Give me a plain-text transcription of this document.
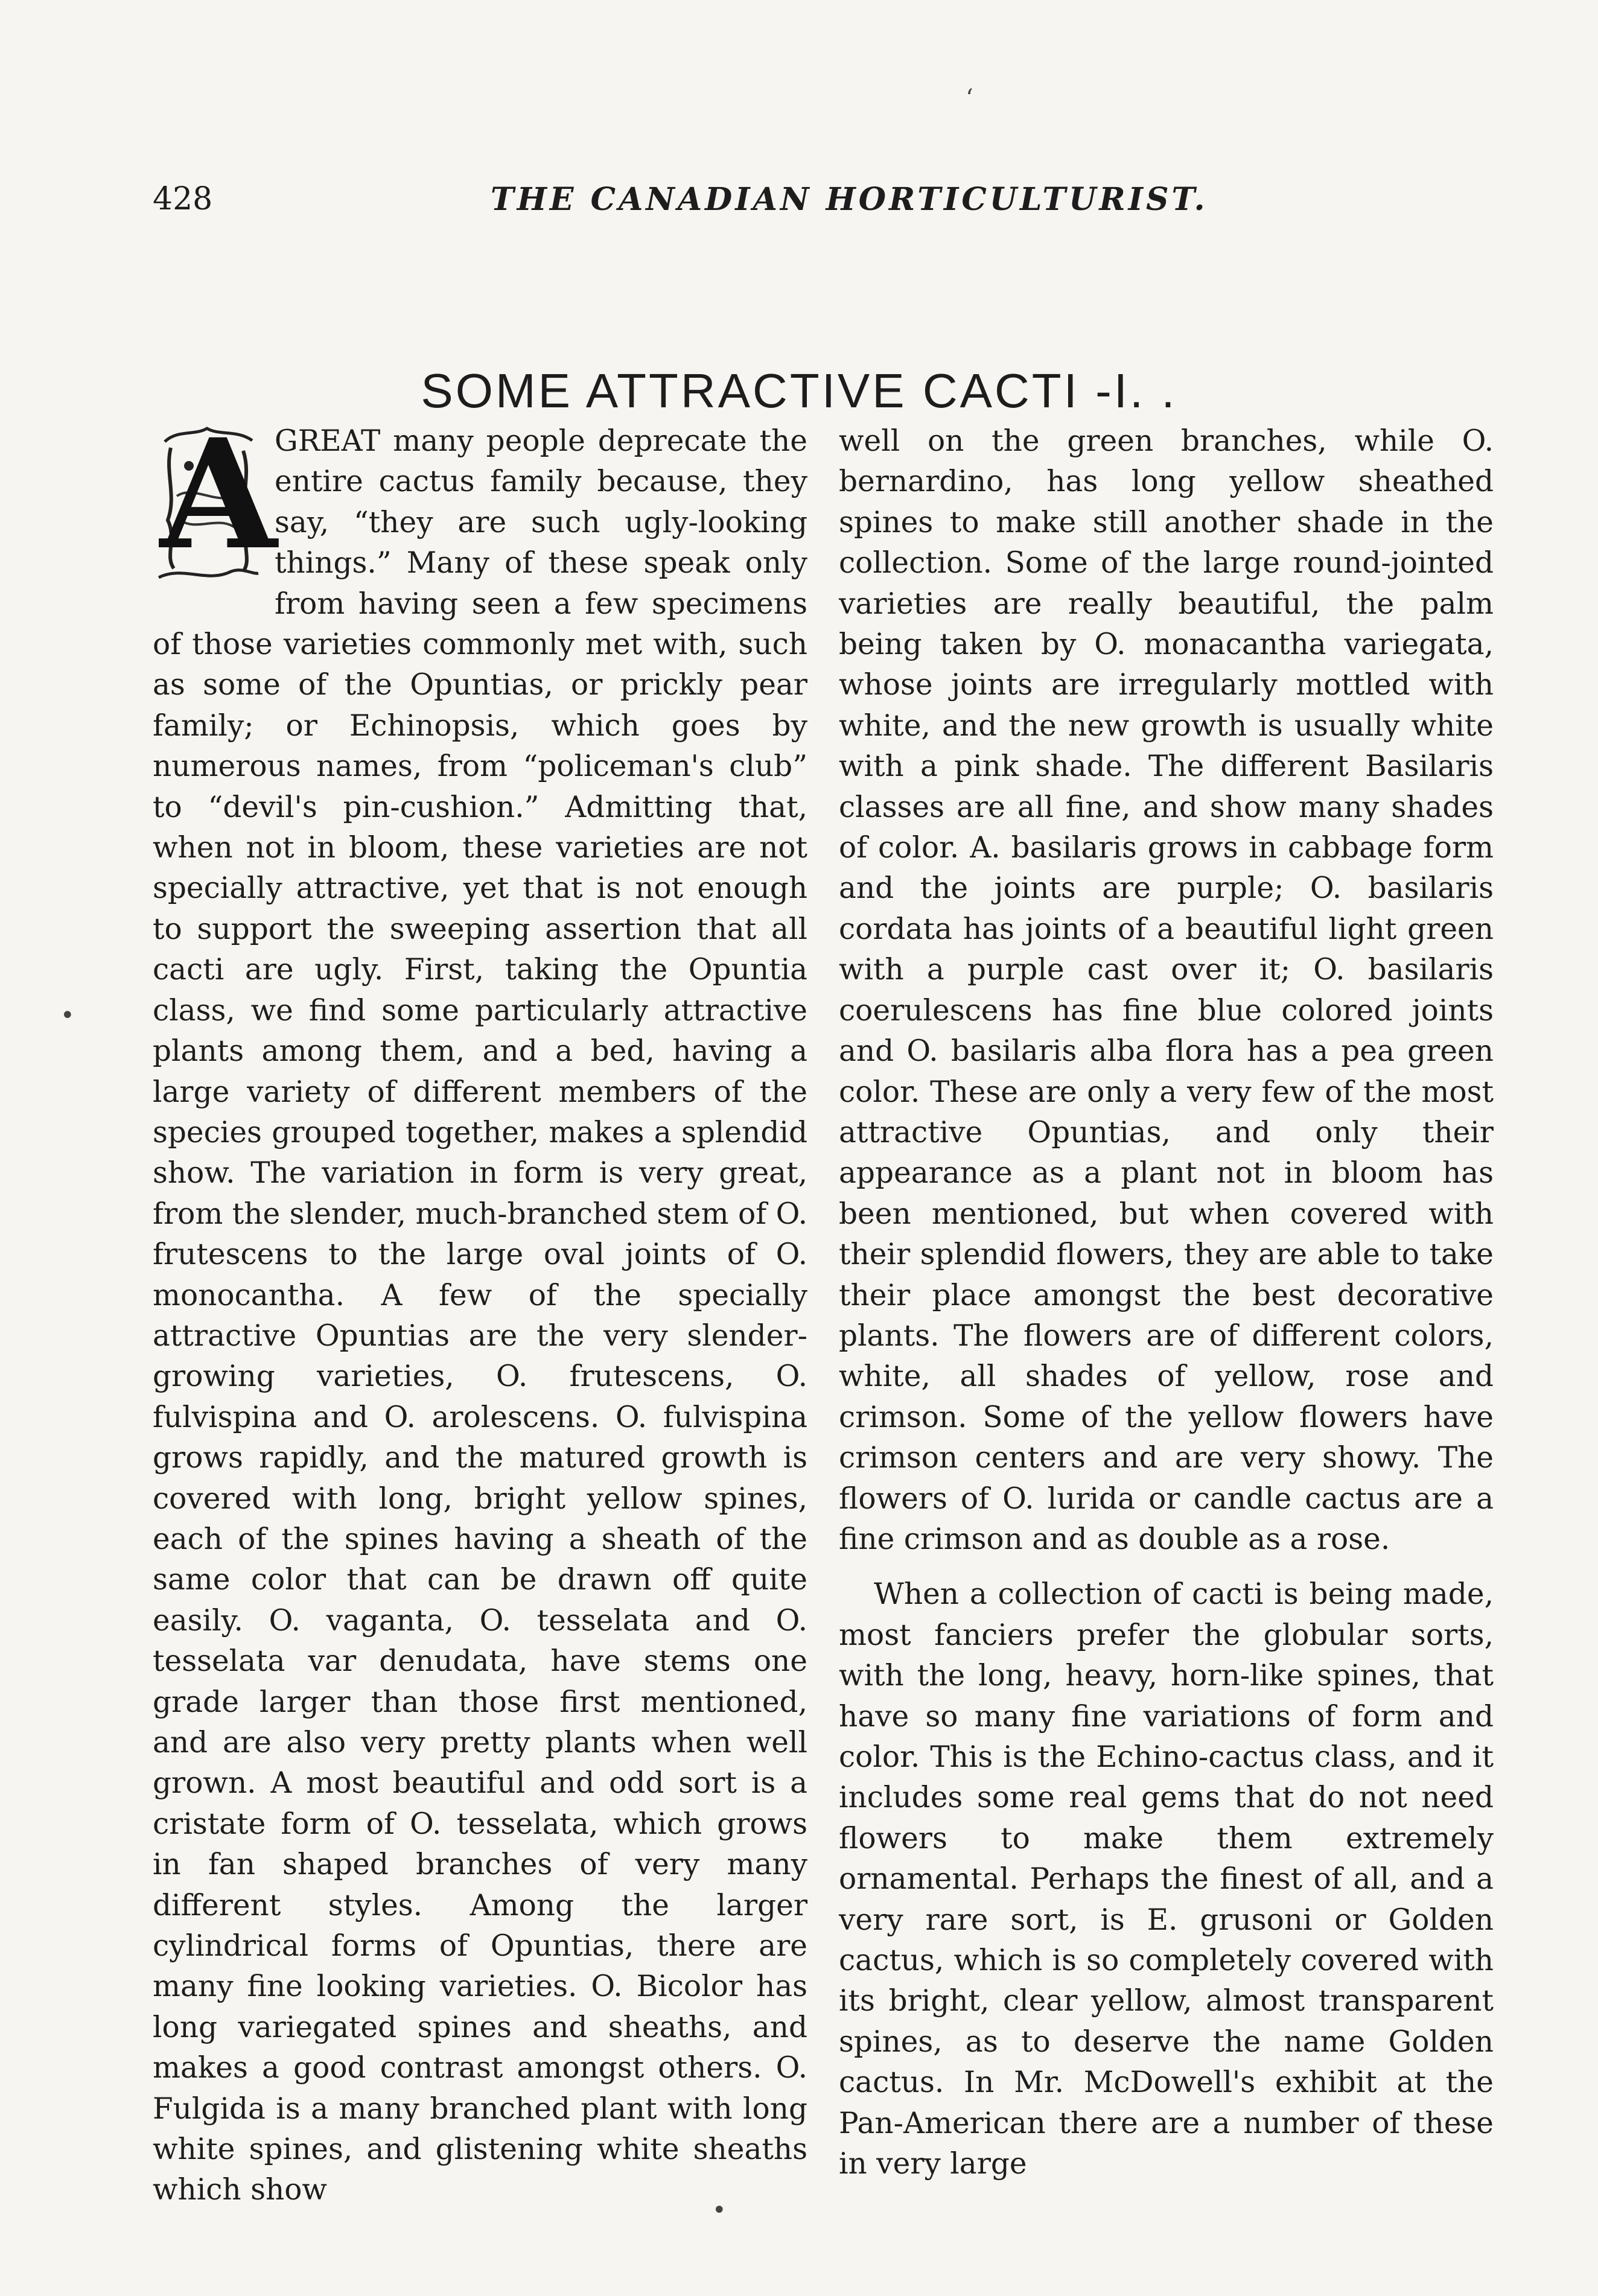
428	THE CANADIAN HORTICULTURIST.
SOME ATTRACTIVE CACTI -I. .
A

GREAT many people deprecate the entire cactus family because, they say, “they are such ugly-looking things.” Many of these speak only from having seen a few specimens of those varieties commonly met with, such as some of the Opuntias, or prickly pear family; or Echinopsis, which goes by numerous names, from “policeman's club” to “devil's pin-cushion.” Admitting that, when not in bloom, these varieties are not specially attractive, yet that is not enough to support the sweeping assertion that all cacti are ugly. First, taking the Opuntia class, we find some particularly attractive plants among them, and a bed, having a large variety of different members of the species grouped together, makes a splendid show. The variation in form is very great, from the slender, much-branched stem of O. frutescens to the large oval joints of O. monocantha. A few of the specially attractive Opuntias are the very slender-growing varieties, O. frutescens, O. fulvispina and O. arolescens. O. fulvispina grows rapidly, and the matured growth is covered with long, bright yellow spines, each of the spines having a sheath of the same color that can be drawn off quite easily. O. vaganta, O. tesselata and O. tesselata var denudata, have stems one grade larger than those first mentioned, and are also very pretty plants when well grown. A most beautiful and odd sort is a cristate form of O. tesselata, which grows in fan shaped branches of very many different styles. Among the larger cylindrical forms of Opuntias, there are many fine looking varieties. O. Bicolor has long variegated spines and sheaths, and makes a good contrast amongst others. O. Fulgida is a many branched plant with long white spines, and glistening white sheaths which show

well on the green branches, while O. bernardino, has long yellow sheathed spines to make still another shade in the collection. Some of the large round-jointed varieties are really beautiful, the palm being taken by O. monacantha variegata, whose joints are irregularly mottled with white, and the new growth is usually white with a pink shade. The different Basilaris classes are all fine, and show many shades of color. A. basilaris grows in cabbage form and the joints are purple; O. basilaris cordata has joints of a beautiful light green with a purple cast over it; O. basilaris coerulescens has fine blue colored joints and O. basilaris alba flora has a pea green color. These are only a very few of the most attractive Opuntias, and only their appearance as a plant not in bloom has been mentioned, but when covered with their splendid flowers, they are able to take their place amongst the best decorative plants. The flowers are of different colors, white, all shades of yellow, rose and crimson. Some of the yellow flowers have crimson centers and are very showy. The flowers of O. lurida or candle cactus are a fine crimson and as double as a rose.

When a collection of cacti is being made, most fanciers prefer the globular sorts, with the long, heavy, horn-like spines, that have so many fine variations of form and color. This is the Echino-cactus class, and it includes some real gems that do not need flowers to make them extremely ornamental. Perhaps the finest of all, and a very rare sort, is E. grusoni or Golden cactus, which is so completely covered with its bright, clear yellow, almost transparent spines, as to deserve the name Golden cactus. In Mr. McDowell's exhibit at the Pan-American there are a number of these in very large

‘
•
•
